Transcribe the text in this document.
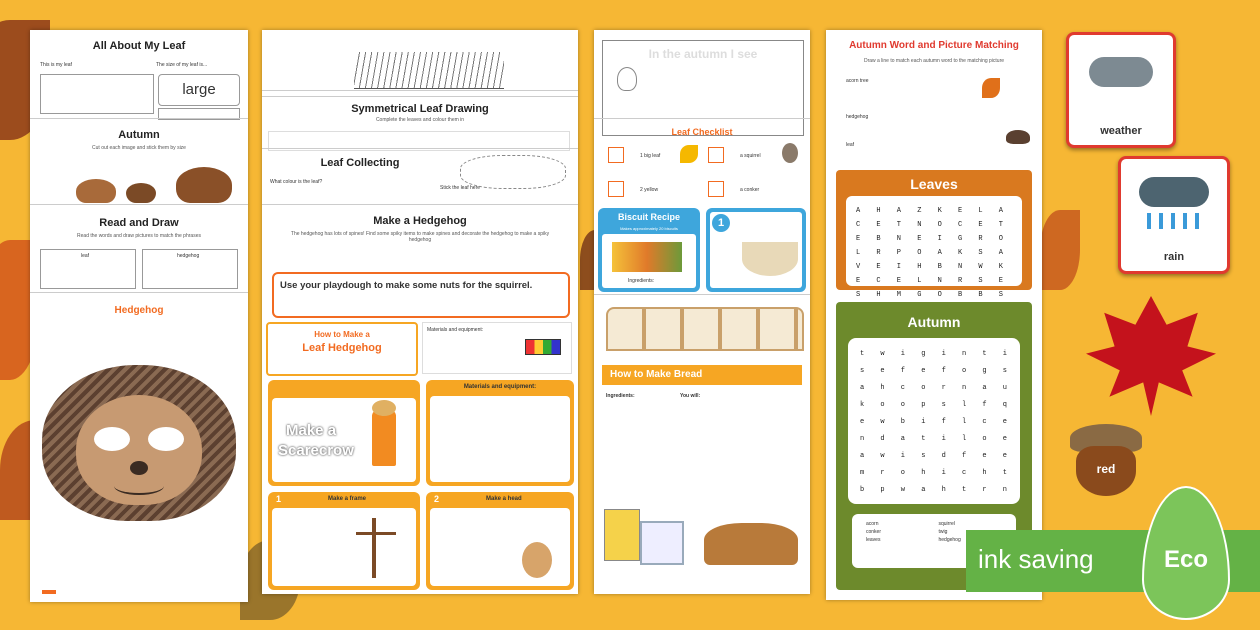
All About My Leaf
This is my leaf	The size of my leaf is...
large
Autumn
Cut out each image and stick them by size
Read and Draw
Read the words and draw pictures to match the phrases
leaf	hedgehog
Hedgehog
Symmetrical Leaf Drawing
Complete the leaves and colour them in
Leaf Collecting
What colour is the leaf?
Stick the leaf here
Make a Hedgehog
The hedgehog has lots of spines! Find some spiky items to make spines and decorate the hedgehog to make a spiky hedgehog
Use your playdough to make some nuts for the squirrel.
How to Make a
Leaf Hedgehog
Materials and equipment:
Make a
Scarecrow
Materials and equipment:
1	Make a frame	2	Make a head
In the autumn I see
Leaf Checklist
1 big leaf	a squirrel
2 yellow	a conker
Biscuit Recipe
Makes approximately 20 biscuits
Ingredients:
1
How to Make Bread
Ingredients:	You will:
Autumn Word and Picture Matching
Draw a line to match each autumn word to the matching picture
acorn tree
hedgehog
leaf
Leaves
A H A Z K E L A
C E T N O C E T
E B N E I G R O
L R P O A K S A
V E I H B N W K
E C E L N R S E
S H M G O B B S
Autumn
t w i g i n t i
s e f e f o g s
a h c o r n a u
k o o p s l f q
e w b i f l c e
n d a t i l o e
a w i s d f e e
m r o h i c h t
b p w a h t r n
acorn
conker
leaves
squirrel
twig
hedgehog
weather
rain
red
ink saving	Eco
